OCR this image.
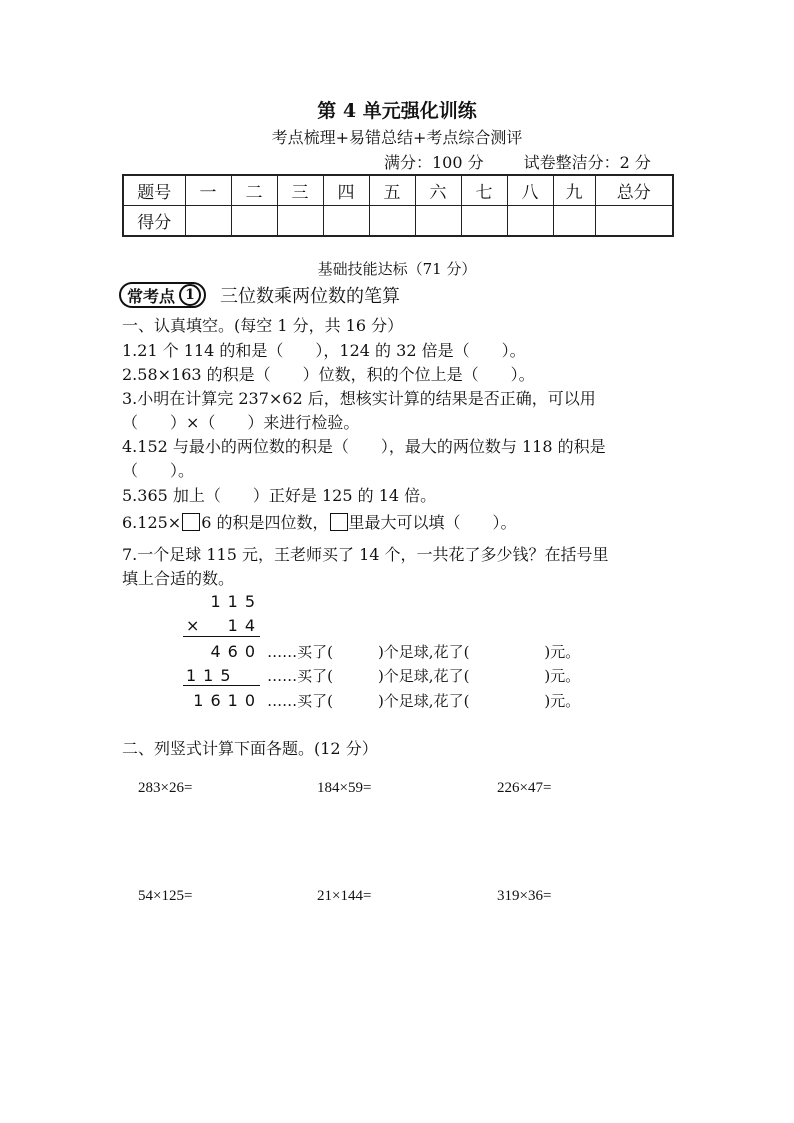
第 4 单元强化训练
考点梳理+易错总结+考点综合测评
满分：100 分	试卷整洁分：2 分
题号	一	二	三	四	五	六	七	八	九	总分
得分										
基础技能达标（71 分）
常考点 1	三位数乘两位数的笔算
一、认真填空。(每空 1 分，共 16 分）
1.21 个 114 的和是（　　），124 的 32 倍是（　　）。
2.58×163 的积是（　　）位数，积的个位上是（　　）。
3.小明在计算完 237×62 后，想核实计算的结果是否正确，可以用
（　　）×（　　）来进行检验。
4.152 与最小的两位数的积是（　　），最大的两位数与 118 的积是
（　　）。
5.365 加上（　　）正好是 125 的 14 倍。
6.125× 6 的积是四位数， 里最大可以填（　　）。
7.一个足球 115 元，王老师买了 14 个，一共花了多少钱？在括号里
填上合适的数。
115
× 14
460 ……买了(　　　)个足球,花了(　　　　　)元。
115 ……买了(　　　)个足球,花了(　　　　　)元。
1610 ……买了(　　　)个足球,花了(　　　　　)元。
二、列竖式计算下面各题。(12 分）
283×26=	184×59=	226×47=
54×125=	21×144=	319×36=
